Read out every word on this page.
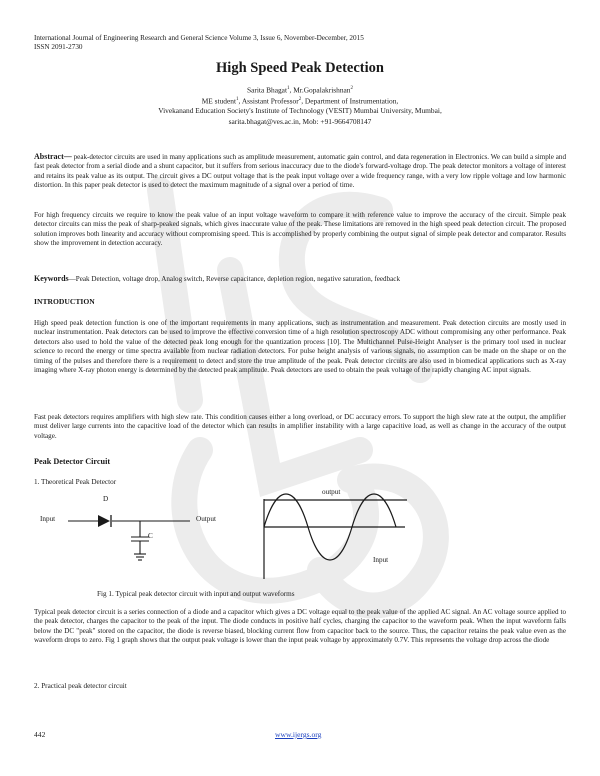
International Journal of Engineering Research and General Science Volume 3, Issue 6, November-December, 2015
ISSN 2091-2730
High Speed Peak Detection
Sarita Bhagat$^1$, Mr.Gopalakrishnan$^2$
ME student$^1$, Assistant Professor$^2$, Department of Instrumentation,
Vivekanand Education Society's Institute of Technology (VESIT) Mumbai University, Mumbai,
sarita.bhagat@ves.ac.in, Mob: +91-9664708147
Abstract— peak-detector circuits are used in many applications such as amplitude measurement, automatic gain control, and data regeneration in Electronics. We can build a simple and fast peak detector from a serial diode and a shunt capacitor, but it suffers from serious inaccuracy due to the diode's forward-voltage drop. The peak detector monitors a voltage of interest and retains its peak value as its output. The circuit gives a DC output voltage that is the peak input voltage over a wide frequency range, with a very low ripple voltage and low harmonic distortion. In this paper peak detector is used to detect the maximum magnitude of a signal over a period of time.
For high frequency circuits we require to know the peak value of an input voltage waveform to compare it with reference value to improve the accuracy of the circuit. Simple peak detector circuits can miss the peak of sharp-peaked signals, which gives inaccurate value of the peak. These limitations are removed in the high speed peak detection circuit. The proposed solution improves both linearity and accuracy without compromising speed. This is accomplished by properly combining the output signal of simple peak detector and comparator. Results show the improvement in detection accuracy.
Keywords—Peak Detection, voltage drop, Analog switch, Reverse capacitance, depletion region, negative saturation, feedback
INTRODUCTION
High speed peak detection function is one of the important requirements in many applications, such as instrumentation and measurement. Peak detection circuits are mostly used in nuclear instrumentation. Peak detectors can be used to improve the effective conversion time of a high resolution spectroscopy ADC without compromising any other performance. Peak detectors also used to hold the value of the detected peak long enough for the quantization process [10]. The Multichannel Pulse-Height Analyser is the primary tool used in nuclear science to record the energy or time spectra available from nuclear radiation detectors. For pulse height analysis of various signals, no assumption can be made on the shape or on the timing of the pulses and therefore there is a requirement to detect and store the true amplitude of the peak. Peak detector circuits are also used in biomedical applications such as X-ray imaging where X-ray photon energy is determined by the detected peak amplitude. Peak detectors are used to obtain the peak voltage of the rapidly changing AC input signals.
Fast peak detectors requires amplifiers with high slew rate. This condition causes either a long overload, or DC accuracy errors. To support the high slew rate at the output, the amplifier must deliver large currents into the capacitive load of the detector which can results in amplifier instability with a large capacitive load, as well as change in the accuracy of the output voltage.
Peak Detector Circuit
1. Theoretical Peak Detector
D
C
Input	Output
output
Input
Fig 1. Typical peak detector circuit with input and output waveforms
Typical peak detector circuit is a series connection of a diode and a capacitor which gives a DC voltage equal to the peak value of the applied AC signal. An AC voltage source applied to the peak detector, charges the capacitor to the peak of the input. The diode conducts in positive half cycles, charging the capacitor to the waveform peak. When the input waveform falls below the DC "peak" stored on the capacitor, the diode is reverse biased, blocking current flow from capacitor back to the source. Thus, the capacitor retains the peak value even as the waveform drops to zero. Fig 1 graph shows that the output peak voltage is lower than the input peak voltage by approximately 0.7V. This represents the voltage drop across the diode
2. Practical peak detector circuit
442	www.ijergs.org
